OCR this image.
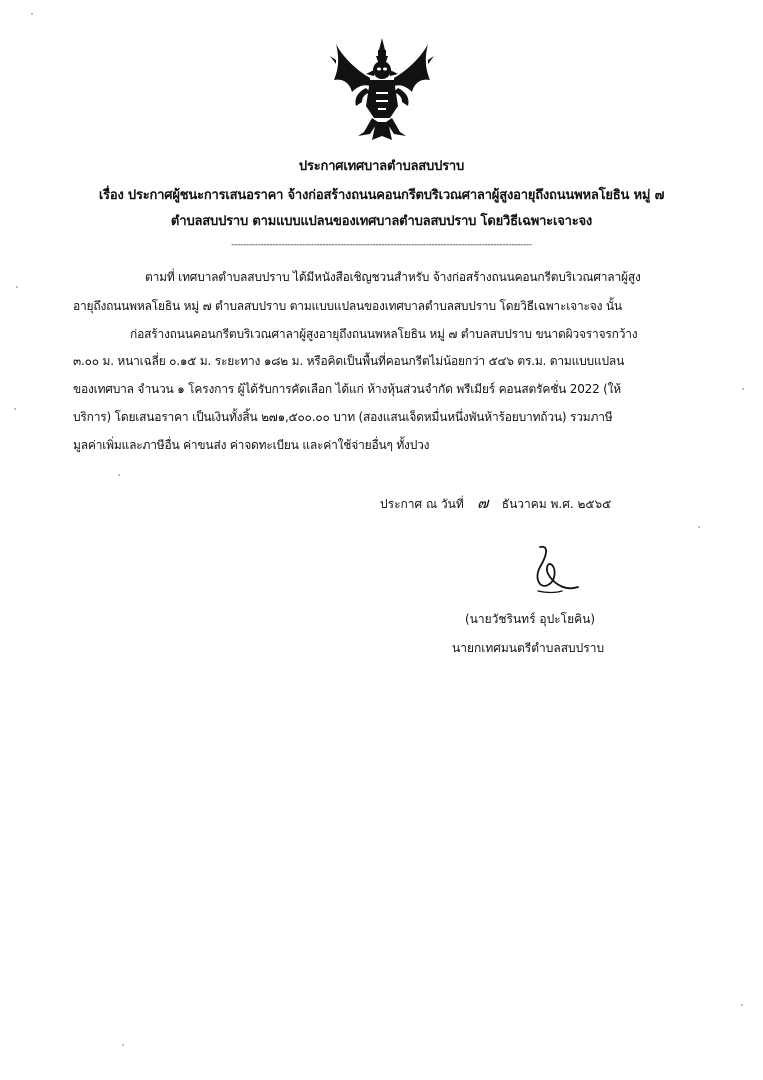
ประกาศเทศบาลตำบลสบปราบ
เรื่อง ประกาศผู้ชนะการเสนอราคา จ้างก่อสร้างถนนคอนกรีตบริเวณศาลาผู้สูงอายุถึงถนนพหลโยธิน หมู่ ๗
ตำบลสบปราบ ตามแบบแปลนของเทศบาลตำบลสบปราบ โดยวิธีเฉพาะเจาะจง
------------------------------------------------------------------------------------------------------
ตามที่ เทศบาลตำบลสบปราบ ได้มีหนังสือเชิญชวนสำหรับ จ้างก่อสร้างถนนคอนกรีตบริเวณศาลาผู้สูง
อายุถึงถนนพหลโยธิน หมู่ ๗ ตำบลสบปราบ ตามแบบแปลนของเทศบาลตำบลสบปราบ โดยวิธีเฉพาะเจาะจง นั้น
ก่อสร้างถนนคอนกรีตบริเวณศาลาผู้สูงอายุถึงถนนพหลโยธิน หมู่ ๗ ตำบลสบปราบ ขนาดผิวจราจรกว้าง
๓.๐๐ ม. หนาเฉลี่ย ๐.๑๕ ม. ระยะทาง ๑๘๒ ม. หรือคิดเป็นพื้นที่คอนกรีตไม่น้อยกว่า ๕๔๖ ตร.ม. ตามแบบแปลน
ของเทศบาล จำนวน ๑ โครงการ ผู้ได้รับการคัดเลือก ได้แก่ ห้างหุ้นส่วนจำกัด พรีเมียร์ คอนสตรัคชั่น 2022 (ให้
บริการ) โดยเสนอราคา เป็นเงินทั้งสิ้น ๒๗๑,๕๐๐.๐๐ บาท (สองแสนเจ็ดหมื่นหนึ่งพันห้าร้อยบาทถ้วน) รวมภาษี
มูลค่าเพิ่มและภาษีอื่น ค่าขนส่ง ค่าจดทะเบียน และค่าใช้จ่ายอื่นๆ ทั้งปวง
ประกาศ ณ วันที่ ๗ ธันวาคม พ.ศ. ๒๕๖๕
(นายวัชรินทร์ อุปะโยคิน)
นายกเทศมนตรีตำบลสบปราบ
